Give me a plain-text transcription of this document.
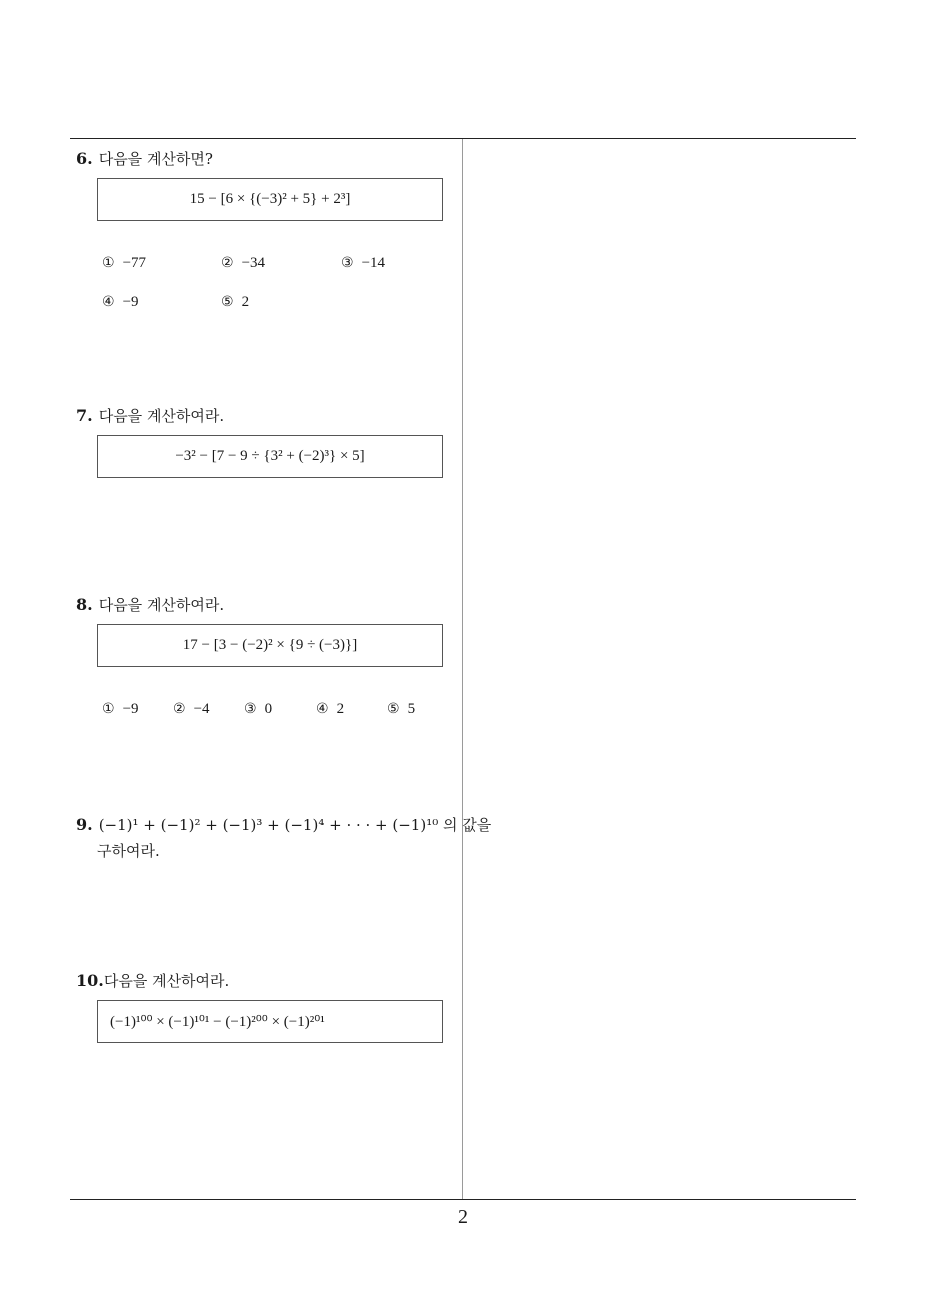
6. 다음을 계산하면?
15 − [6 × {(−3)² + 5} + 2³]
① −77	② −34	③ −14
④ −9	⑤ 2
7. 다음을 계산하여라.
−3² − [7 − 9 ÷ {3² + (−2)³} × 5]
8. 다음을 계산하여라.
17 − [3 − (−2)² × {9 ÷ (−3)}]
① −9 ② −4 ③ 0	④ 2	⑤ 5
9. (−1)¹ + (−1)² + (−1)³ + (−1)⁴ + · · · + (−1)¹⁰ 의 값을
구하여라.
10.다음을 계산하여라.
(−1)¹⁰⁰ × (−1)¹⁰¹ − (−1)²⁰⁰ × (−1)²⁰¹
2
